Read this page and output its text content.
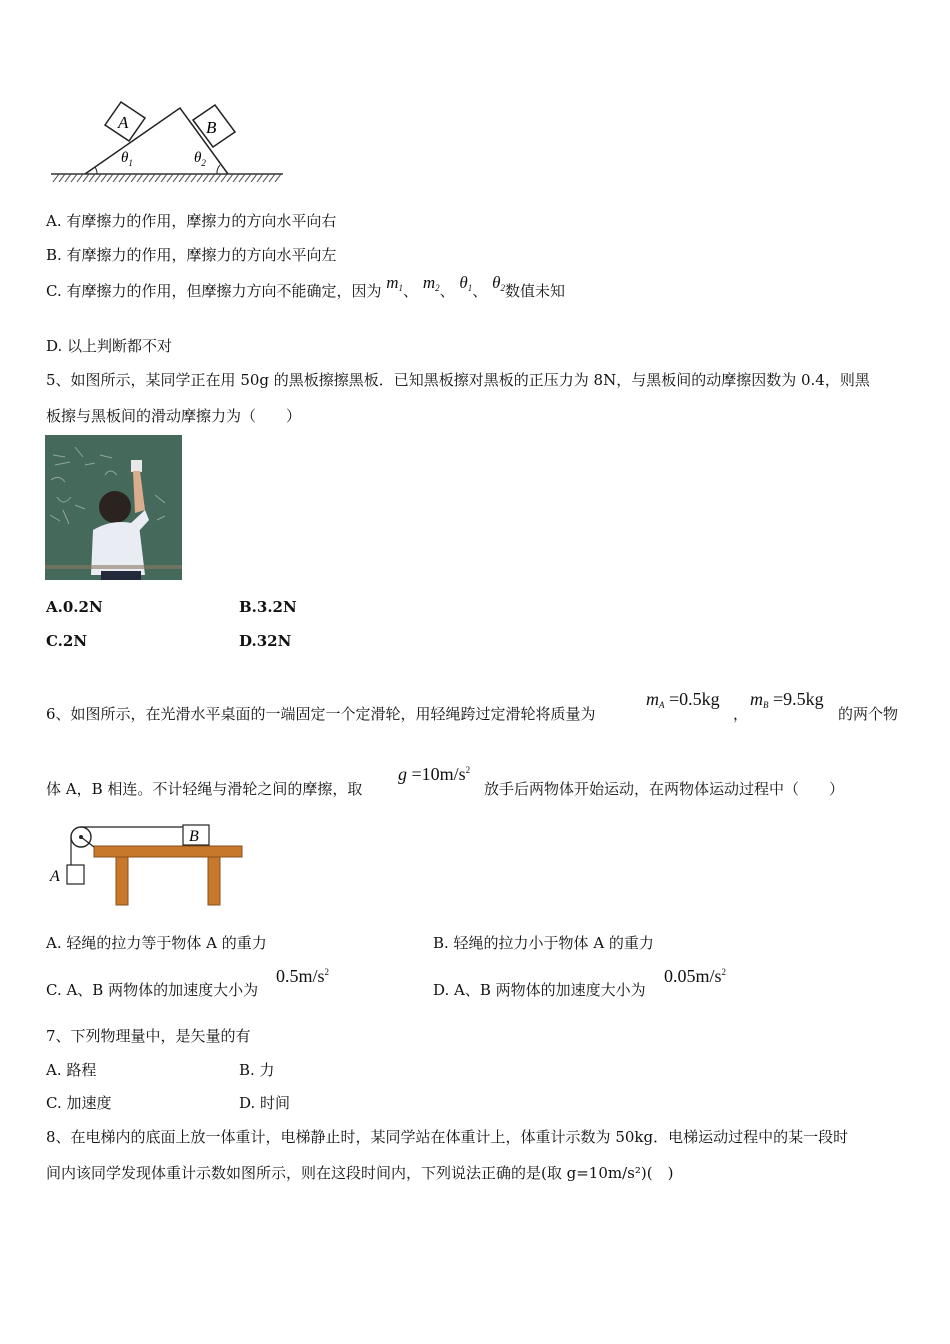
A	B
$\theta_1$	$\theta_2$
A. 有摩擦力的作用，摩擦力的方向水平向右
B. 有摩擦力的作用，摩擦力的方向水平向左
C. 有摩擦力的作用，但摩擦力方向不能确定，因为 $m_1$、 $m_2$、 $\theta_1$、 $\theta_2$数值未知
D. 以上判断都不对
5、如图所示，某同学正在用 50g 的黑板擦擦黑板．已知黑板擦对黑板的正压力为 8N，与黑板间的动摩擦因数为 0.4，则黑
板擦与黑板间的滑动摩擦力为（　　）
A.0.2N	B.3.2N
C.2N	D.32N
6、如图所示，在光滑水平桌面的一端固定一个定滑轮，用轻绳跨过定滑轮将质量为
$m_A =0.5kg$
，
$m_B =9.5kg$
的两个物
体 A，B 相连。不计轻绳与滑轮之间的摩擦，取
$g =10m/s^2$
放手后两物体开始运动，在两物体运动过程中（　　）
B
A
A. 轻绳的拉力等于物体 A 的重力	B. 轻绳的拉力小于物体 A 的重力
C. A、B 两物体的加速度大小为
$0.5m/s^2$
D. A、B 两物体的加速度大小为
$0.05m/s^2$
7、下列物理量中，是矢量的有
A. 路程	B. 力
C. 加速度	D. 时间
8、在电梯内的底面上放一体重计，电梯静止时，某同学站在体重计上，体重计示数为 50kg．电梯运动过程中的某一段时
间内该同学发现体重计示数如图所示，则在这段时间内，下列说法正确的是(取 g=10m/s²)(　)
